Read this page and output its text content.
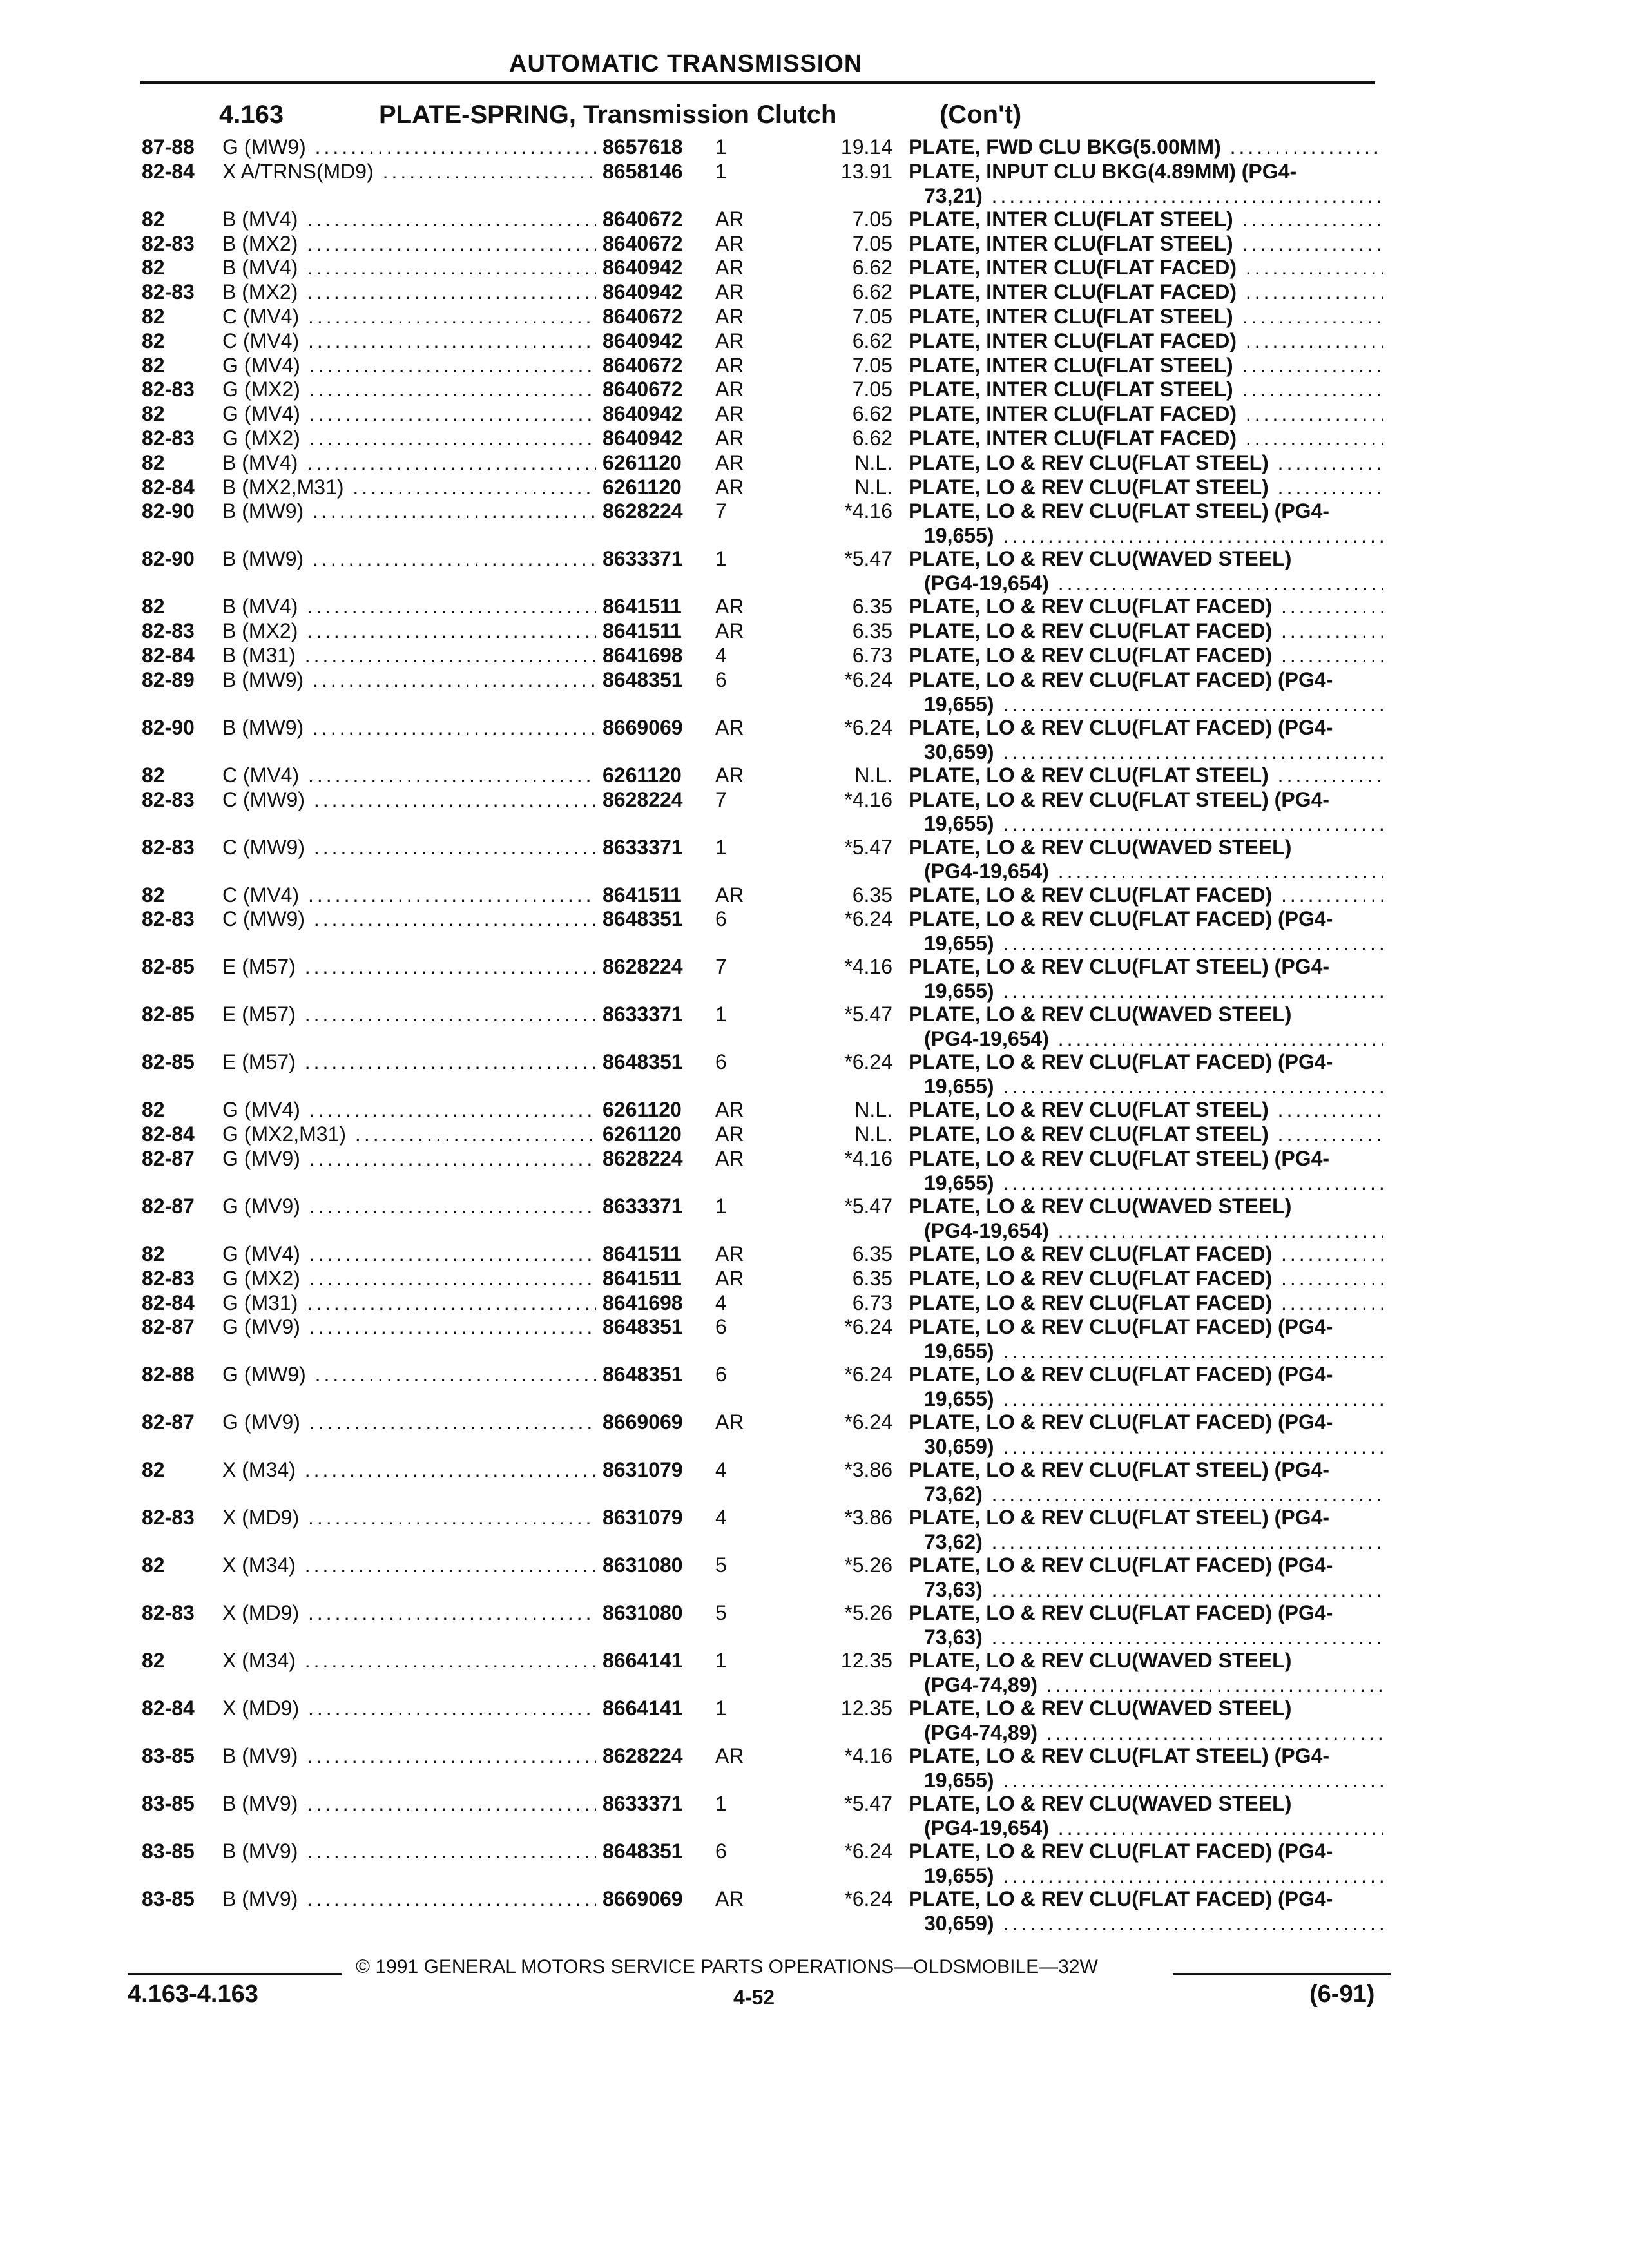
AUTOMATIC TRANSMISSION
4.163	PLATE-SPRING, Transmission Clutch	(Con't)
87-88 G (MW9) .....	8657618	1	19.14 PLATE, FWD CLU BKG(5.00MM) .....
82-84 X A/TRNS(MD9) .....	8658146	1	13.91 PLATE, INPUT CLU BKG(4.89MM) (PG4-
73,21) .....
82	B (MV4) .....	8640672	AR	7.05 PLATE, INTER CLU(FLAT STEEL) .....
82-83 B (MX2) .....	8640672	AR	7.05 PLATE, INTER CLU(FLAT STEEL) .....
82	B (MV4) .....	8640942	AR	6.62 PLATE, INTER CLU(FLAT FACED) .....
82-83 B (MX2) .....	8640942	AR	6.62 PLATE, INTER CLU(FLAT FACED) .....
82	C (MV4) .....	8640672	AR	7.05 PLATE, INTER CLU(FLAT STEEL) .....
82	C (MV4) .....	8640942	AR	6.62 PLATE, INTER CLU(FLAT FACED) .....
82	G (MV4) .....	8640672	AR	7.05 PLATE, INTER CLU(FLAT STEEL) .....
82-83 G (MX2) .....	8640672	AR	7.05 PLATE, INTER CLU(FLAT STEEL) .....
82	G (MV4) .....	8640942	AR	6.62 PLATE, INTER CLU(FLAT FACED) .....
82-83 G (MX2) .....	8640942	AR	6.62 PLATE, INTER CLU(FLAT FACED) .....
82	B (MV4) .....	6261120	AR	N.L. PLATE, LO & REV CLU(FLAT STEEL) .....
82-84 B (MX2,M31) .....	6261120	AR	N.L. PLATE, LO & REV CLU(FLAT STEEL) .....
82-90 B (MW9) .....	8628224	7	*4.16 PLATE, LO & REV CLU(FLAT STEEL) (PG4-
19,655) .....
82-90 B (MW9) .....	8633371	1	*5.47 PLATE, LO & REV CLU(WAVED STEEL)
(PG4-19,654) .....
82	B (MV4) .....	8641511	AR	6.35 PLATE, LO & REV CLU(FLAT FACED) .....
82-83 B (MX2) .....	8641511	AR	6.35 PLATE, LO & REV CLU(FLAT FACED) .....
82-84 B (M31) .....	8641698	4	6.73 PLATE, LO & REV CLU(FLAT FACED) .....
82-89 B (MW9) .....	8648351	6	*6.24 PLATE, LO & REV CLU(FLAT FACED) (PG4-
19,655) .....
82-90 B (MW9) .....	8669069	AR	*6.24 PLATE, LO & REV CLU(FLAT FACED) (PG4-
30,659) .....
82	C (MV4) .....	6261120	AR	N.L. PLATE, LO & REV CLU(FLAT STEEL) .....
82-83 C (MW9) .....	8628224	7	*4.16 PLATE, LO & REV CLU(FLAT STEEL) (PG4-
19,655) .....
82-83 C (MW9) .....	8633371	1	*5.47 PLATE, LO & REV CLU(WAVED STEEL)
(PG4-19,654) .....
82	C (MV4) .....	8641511	AR	6.35 PLATE, LO & REV CLU(FLAT FACED) .....
82-83 C (MW9) .....	8648351	6	*6.24 PLATE, LO & REV CLU(FLAT FACED) (PG4-
19,655) .....
82-85 E (M57) .....	8628224	7	*4.16 PLATE, LO & REV CLU(FLAT STEEL) (PG4-
19,655) .....
82-85 E (M57) .....	8633371	1	*5.47 PLATE, LO & REV CLU(WAVED STEEL)
(PG4-19,654) .....
82-85 E (M57) .....	8648351	6	*6.24 PLATE, LO & REV CLU(FLAT FACED) (PG4-
19,655) .....
82	G (MV4) .....	6261120	AR	N.L. PLATE, LO & REV CLU(FLAT STEEL) .....
82-84 G (MX2,M31) .....	6261120	AR	N.L. PLATE, LO & REV CLU(FLAT STEEL) .....
82-87 G (MV9) .....	8628224	AR	*4.16 PLATE, LO & REV CLU(FLAT STEEL) (PG4-
19,655) .....
82-87 G (MV9) .....	8633371	1	*5.47 PLATE, LO & REV CLU(WAVED STEEL)
(PG4-19,654) .....
82	G (MV4) .....	8641511	AR	6.35 PLATE, LO & REV CLU(FLAT FACED) .....
82-83 G (MX2) .....	8641511	AR	6.35 PLATE, LO & REV CLU(FLAT FACED) .....
82-84 G (M31) .....	8641698	4	6.73 PLATE, LO & REV CLU(FLAT FACED) .....
82-87 G (MV9) .....	8648351	6	*6.24 PLATE, LO & REV CLU(FLAT FACED) (PG4-
19,655) .....
82-88 G (MW9) .....	8648351	6	*6.24 PLATE, LO & REV CLU(FLAT FACED) (PG4-
19,655) .....
82-87 G (MV9) .....	8669069	AR	*6.24 PLATE, LO & REV CLU(FLAT FACED) (PG4-
30,659) .....
82	X (M34) .....	8631079	4	*3.86 PLATE, LO & REV CLU(FLAT STEEL) (PG4-
73,62) .....
82-83 X (MD9) .....	8631079	4	*3.86 PLATE, LO & REV CLU(FLAT STEEL) (PG4-
73,62) .....
82	X (M34) .....	8631080	5	*5.26 PLATE, LO & REV CLU(FLAT FACED) (PG4-
73,63) .....
82-83 X (MD9) .....	8631080	5	*5.26 PLATE, LO & REV CLU(FLAT FACED) (PG4-
73,63) .....
82	X (M34) .....	8664141	1	12.35 PLATE, LO & REV CLU(WAVED STEEL)
(PG4-74,89) .....
82-84 X (MD9) .....	8664141	1	12.35 PLATE, LO & REV CLU(WAVED STEEL)
(PG4-74,89) .....
83-85 B (MV9) .....	8628224	AR	*4.16 PLATE, LO & REV CLU(FLAT STEEL) (PG4-
19,655) .....
83-85 B (MV9) .....	8633371	1	*5.47 PLATE, LO & REV CLU(WAVED STEEL)
(PG4-19,654) .....
83-85 B (MV9) .....	8648351	6	*6.24 PLATE, LO & REV CLU(FLAT FACED) (PG4-
19,655) .....
83-85 B (MV9) .....	8669069	AR	*6.24 PLATE, LO & REV CLU(FLAT FACED) (PG4-
30,659) .....
© 1991 GENERAL MOTORS SERVICE PARTS OPERATIONS—OLDSMOBILE—32W
4.163-4.163	4-52	(6-91)
